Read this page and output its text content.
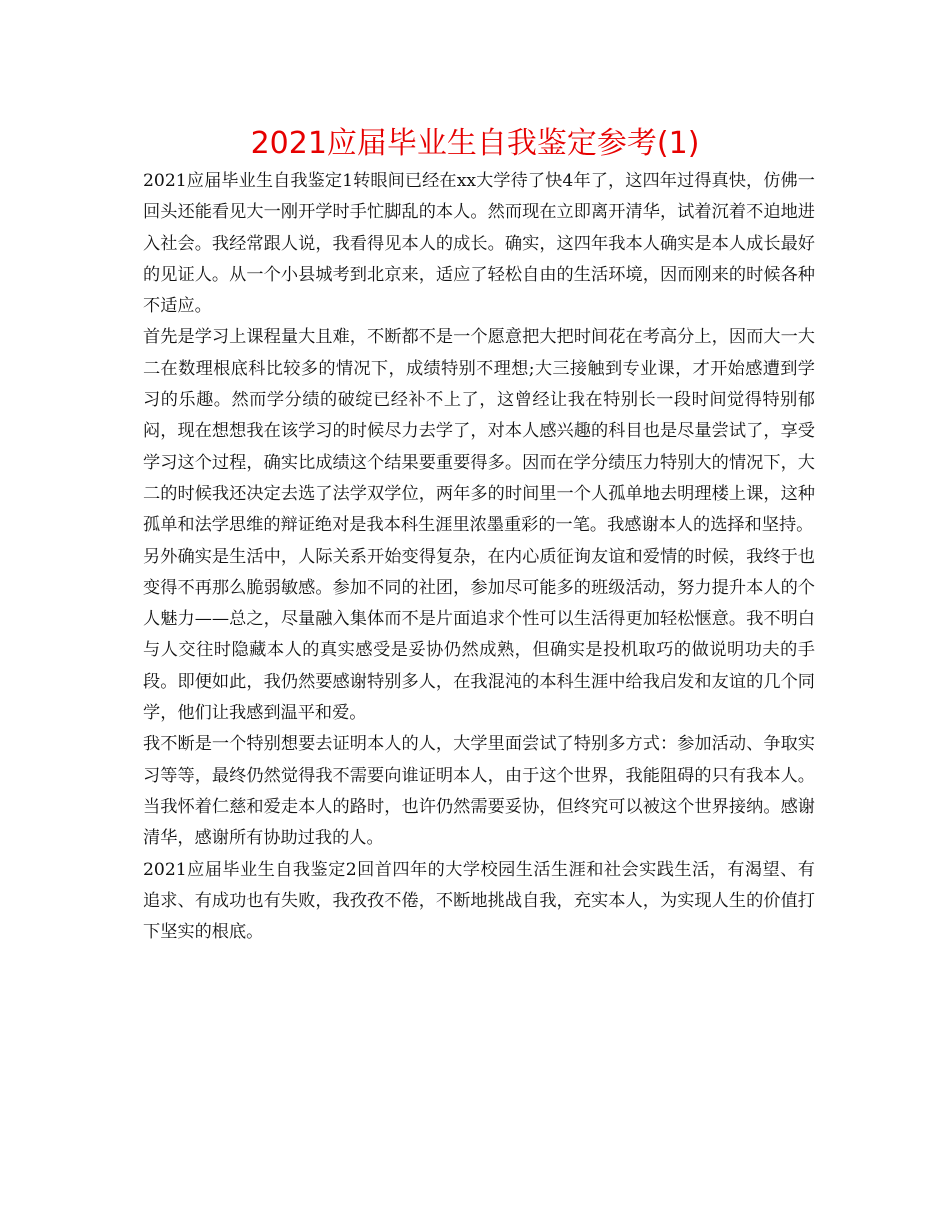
2021应届毕业生自我鉴定参考(1)

2021应届毕业生自我鉴定1转眼间已经在xx大学待了快4年了，这四年过得真快，仿佛一回头还能看见大一刚开学时手忙脚乱的本人。然而现在立即离开清华，试着沉着不迫地进入社会。我经常跟人说，我看得见本人的成长。确实，这四年我本人确实是本人成长最好的见证人。从一个小县城考到北京来，适应了轻松自由的生活环境，因而刚来的时候各种不适应。

首先是学习上课程量大且难，不断都不是一个愿意把大把时间花在考高分上，因而大一大二在数理根底科比较多的情况下，成绩特别不理想;大三接触到专业课，才开始感遭到学习的乐趣。然而学分绩的破绽已经补不上了，这曾经让我在特别长一段时间觉得特别郁闷，现在想想我在该学习的时候尽力去学了，对本人感兴趣的科目也是尽量尝试了，享受学习这个过程，确实比成绩这个结果要重要得多。因而在学分绩压力特别大的情况下，大二的时候我还决定去选了法学双学位，两年多的时间里一个人孤单地去明理楼上课，这种孤单和法学思维的辩证绝对是我本科生涯里浓墨重彩的一笔。我感谢本人的选择和坚持。

另外确实是生活中，人际关系开始变得复杂，在内心质征询友谊和爱情的时候，我终于也变得不再那么脆弱敏感。参加不同的社团，参加尽可能多的班级活动，努力提升本人的个人魅力——总之，尽量融入集体而不是片面追求个性可以生活得更加轻松惬意。我不明白与人交往时隐藏本人的真实感受是妥协仍然成熟，但确实是投机取巧的做说明功夫的手段。即便如此，我仍然要感谢特别多人，在我混沌的本科生涯中给我启发和友谊的几个同学，他们让我感到温平和爱。

我不断是一个特别想要去证明本人的人，大学里面尝试了特别多方式：参加活动、争取实习等等，最终仍然觉得我不需要向谁证明本人，由于这个世界，我能阻碍的只有我本人。当我怀着仁慈和爱走本人的路时，也许仍然需要妥协，但终究可以被这个世界接纳。感谢清华，感谢所有协助过我的人。

2021应届毕业生自我鉴定2回首四年的大学校园生活生涯和社会实践生活，有渴望、有追求、有成功也有失败，我孜孜不倦，不断地挑战自我，充实本人，为实现人生的价值打下坚实的根底。
